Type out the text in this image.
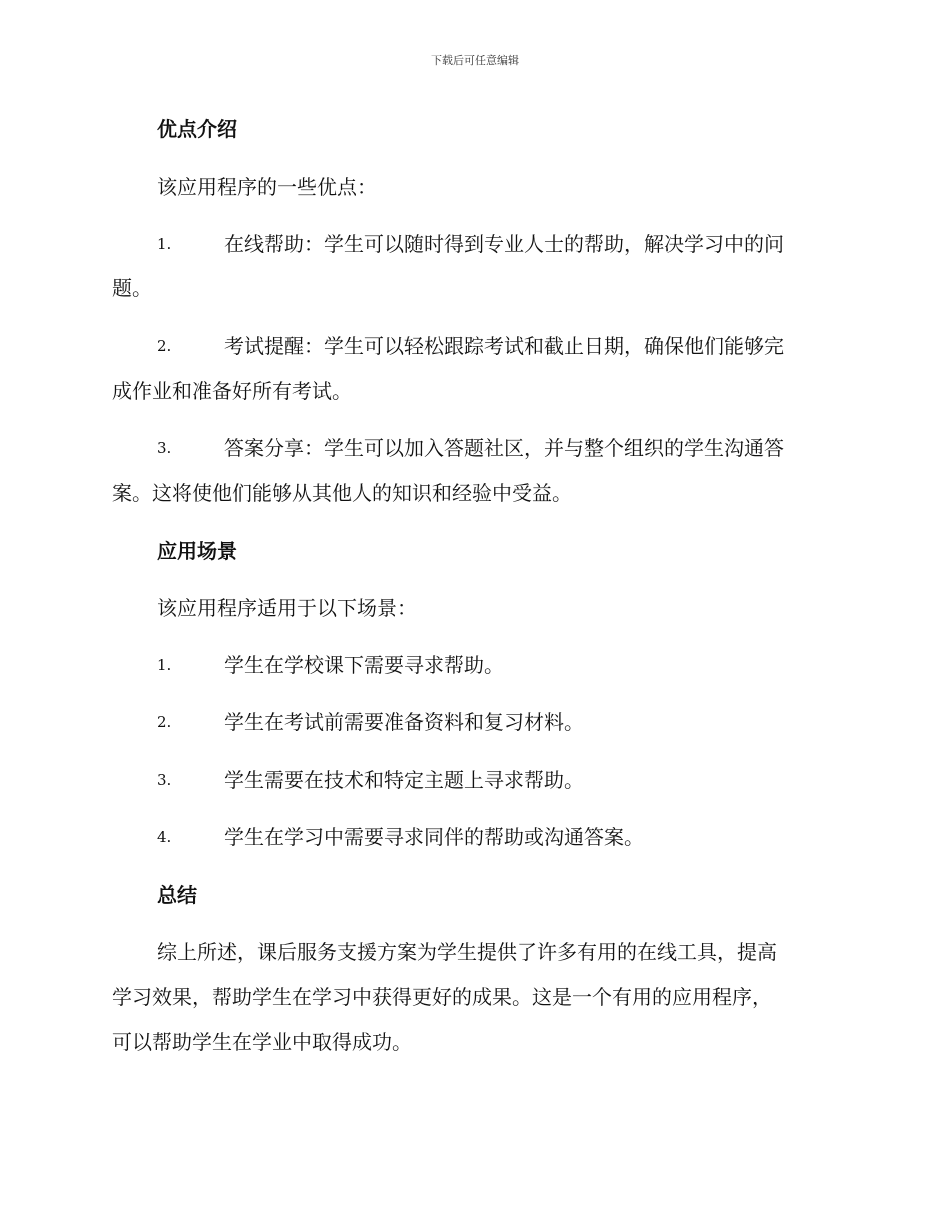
下载后可任意编辑
优点介绍
该应用程序的一些优点：
1.	在线帮助：学生可以随时得到专业人士的帮助，解决学习中的问
题。
2.	考试提醒：学生可以轻松跟踪考试和截止日期，确保他们能够完
成作业和准备好所有考试。
3.	答案分享：学生可以加入答题社区，并与整个组织的学生沟通答
案。这将使他们能够从其他人的知识和经验中受益。
应用场景
该应用程序适用于以下场景：
1.	学生在学校课下需要寻求帮助。
2.	学生在考试前需要准备资料和复习材料。
3.	学生需要在技术和特定主题上寻求帮助。
4.	学生在学习中需要寻求同伴的帮助或沟通答案。
总结
综上所述，课后服务支援方案为学生提供了许多有用的在线工具，提高
学习效果，帮助学生在学习中获得更好的成果。这是一个有用的应用程序，
可以帮助学生在学业中取得成功。
